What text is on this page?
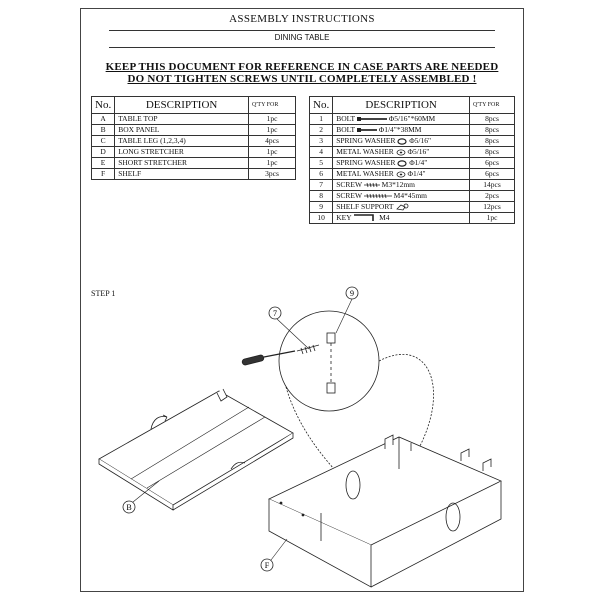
ASSEMBLY INSTRUCTIONS
DINING TABLE
KEEP THIS DOCUMENT FOR REFERENCE IN CASE PARTS ARE NEEDED
DO NOT TIGHTEN SCREWS UNTIL COMPLETELY ASSEMBLED !
No.	DESCRIPTION	Q'TY FOR
A	TABLE TOP	1pc
B	BOX PANEL	1pc
C	TABLE LEG (1,2,3,4)	4pcs
D	LONG STRETCHER	1pc
E	SHORT STRETCHER	1pc
F	SHELF	3pcs
No.	DESCRIPTION	Q'TY FOR
1	BOLT Φ5/16"*60MM	8pcs
2	BOLT Φ1/4"*38MM	8pcs
3	SPRING WASHER Φ5/16"	8pcs
4	METAL WASHER Φ5/16"	8pcs
5	SPRING WASHER Φ1/4"	6pcs
6	METAL WASHER Φ1/4"	6pcs
7	SCREW M3*12mm	14pcs
8	SCREW M4*45mm	2pcs
9	SHELF SUPPORT	12pcs
10	KEY M4	1pc
STEP 1
7
9
B
F
